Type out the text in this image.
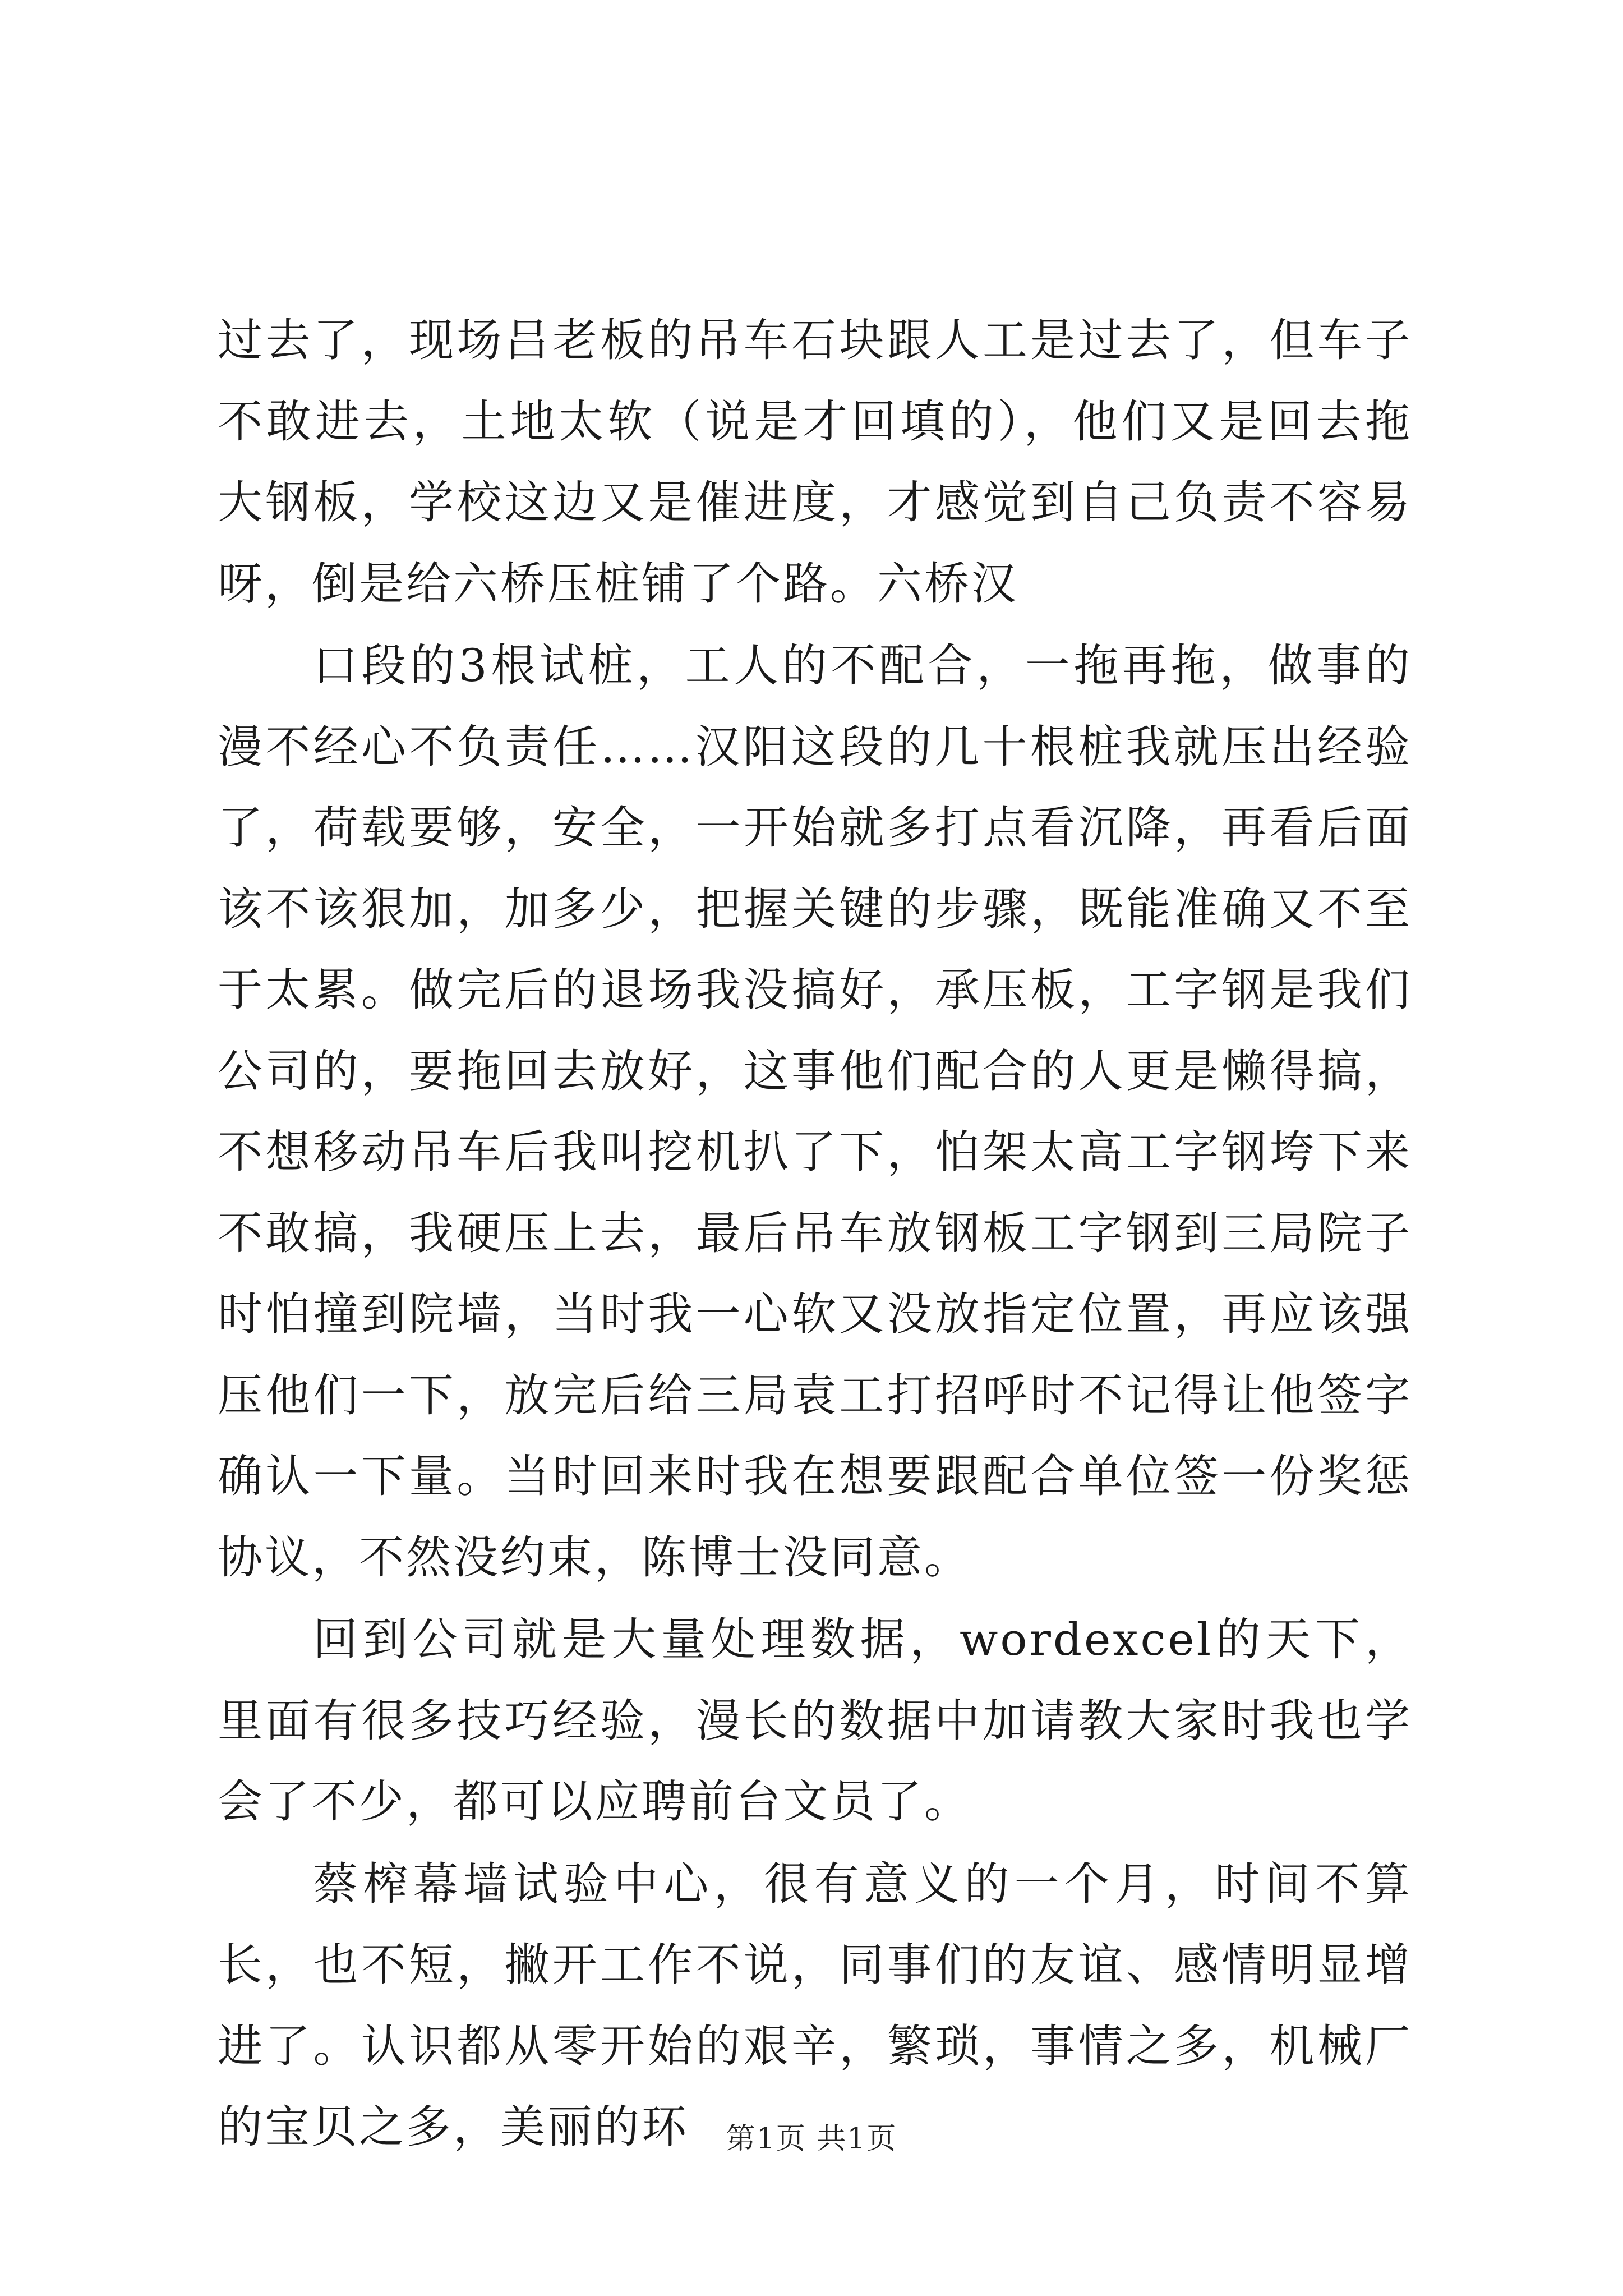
过去了，现场吕老板的吊车石块跟人工是过去了，但车子不敢进去，土地太软（说是才回填的），他们又是回去拖大钢板，学校这边又是催进度，才感觉到自己负责不容易呀，倒是给六桥压桩铺了个路。六桥汉

口段的3根试桩，工人的不配合，一拖再拖，做事的漫不经心不负责任……汉阳这段的几十根桩我就压出经验了，荷载要够，安全，一开始就多打点看沉降，再看后面该不该狠加，加多少，把握关键的步骤，既能准确又不至于太累。做完后的退场我没搞好，承压板，工字钢是我们公司的，要拖回去放好，这事他们配合的人更是懒得搞，不想移动吊车后我叫挖机扒了下，怕架太高工字钢垮下来不敢搞，我硬压上去，最后吊车放钢板工字钢到三局院子时怕撞到院墙，当时我一心软又没放指定位置，再应该强压他们一下，放完后给三局袁工打招呼时不记得让他签字确认一下量。当时回来时我在想要跟配合单位签一份奖惩协议，不然没约束，陈博士没同意。

回到公司就是大量处理数据，wordexcel的天下，里面有很多技巧经验，漫长的数据中加请教大家时我也学会了不少，都可以应聘前台文员了。

蔡榨幕墙试验中心，很有意义的一个月，时间不算长，也不短，撇开工作不说，同事们的友谊、感情明显增进了。认识都从零开始的艰辛，繁琐，事情之多，机械厂的宝贝之多，美丽的环	第1页 共1页
